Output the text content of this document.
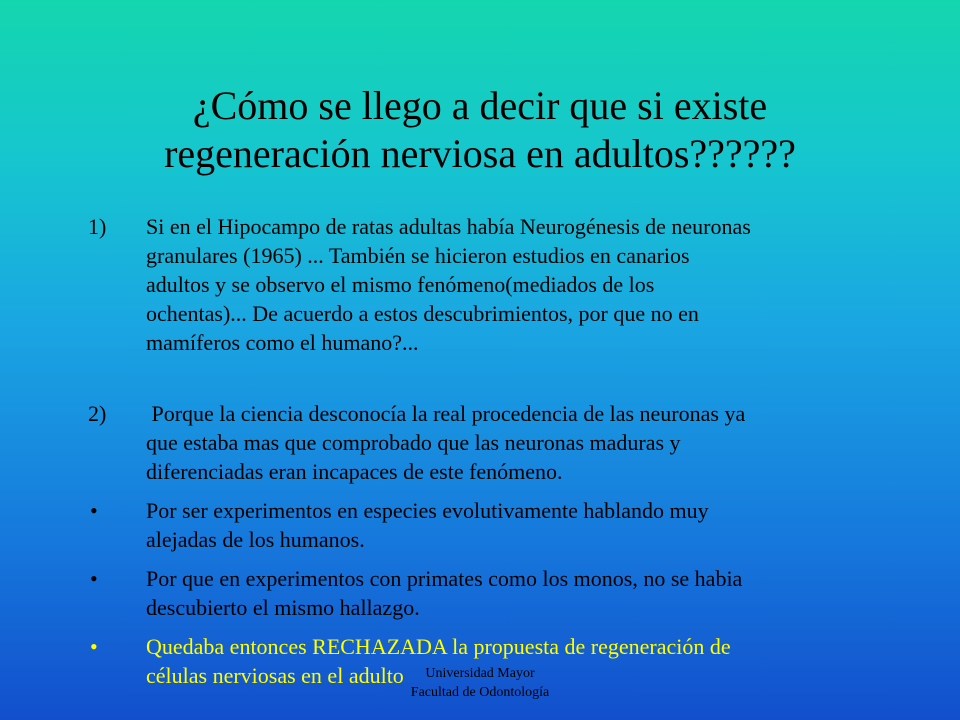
¿Cómo se llego a decir que si existe
regeneración nerviosa en adultos??????
1)	Si en el Hipocampo de ratas adultas había Neurogénesis de neuronas
granulares (1965) ... También se hicieron estudios en canarios
adultos y se observo el mismo fenómeno(mediados de los
ochentas)... De acuerdo a estos descubrimientos, por que no en
mamíferos como el humano?...
2)	Porque la ciencia desconocía la real procedencia de las neuronas ya
que estaba mas que comprobado que las neuronas maduras y
diferenciadas eran incapaces de este fenómeno.
•	Por ser experimentos en especies evolutivamente hablando muy
alejadas de los humanos.
•	Por que en experimentos con primates como los monos, no se habia
descubierto el mismo hallazgo.
•	Quedaba entonces RECHAZADA la propuesta de regeneración de
células nerviosas en el adulto	Universidad Mayor
Facultad de Odontología
